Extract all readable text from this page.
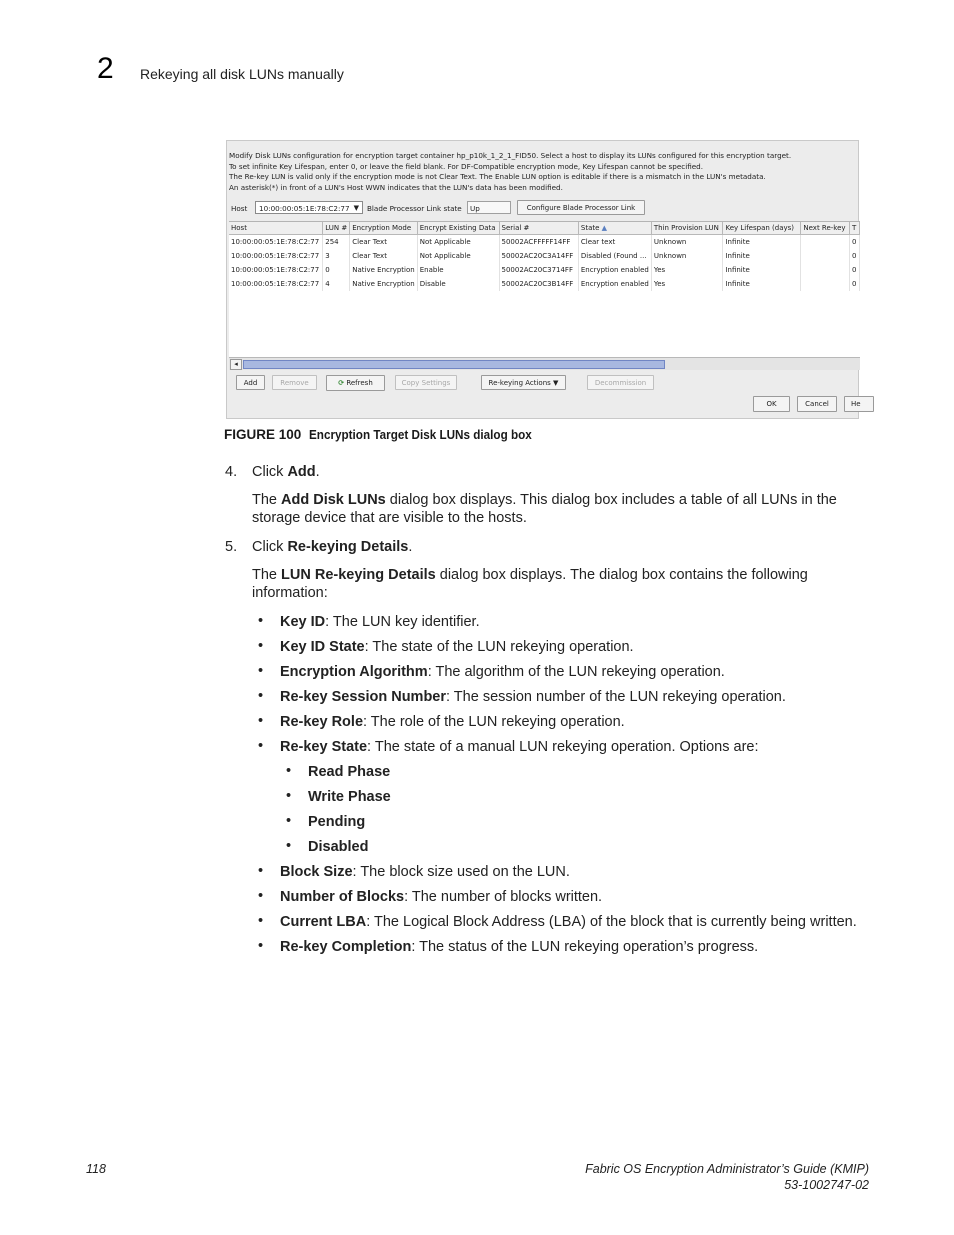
2 Rekeying all disk LUNs manually
Modify Disk LUNs configuration for encryption target container hp_p10k_1_2_1_FID50. Select a host to display its LUNs configured for this encryption target.
To set infinite Key Lifespan, enter 0, or leave the field blank. For DF-Compatible encryption mode, Key Lifespan cannot be specified.
The Re-key LUN is valid only if the encryption mode is not Clear Text. The Enable LUN option is editable if there is a mismatch in the LUN's metadata.
An asterisk(*) in front of a LUN's Host WWN indicates that the LUN's data has been modified.
Host	10:00:00:05:1E:78:C2:77 ▼ Blade Processor Link state	Up	Configure Blade Processor Link
Host	LUN #	Encryption Mode	Encrypt Existing Data	Serial #	State ▲	Thin Provision LUN	Key Lifespan (days)	Next Re-key	T
10:00:00:05:1E:78:C2:77	254	Clear Text	Not Applicable	50002ACFFFFF14FF	Clear text	Unknown	Infinite		0
10:00:00:05:1E:78:C2:77	3	Clear Text	Not Applicable	50002AC20C3A14FF	Disabled (Found ...	Unknown	Infinite		0
10:00:00:05:1E:78:C2:77	0	Native Encryption	Enable	50002AC20C3714FF	Encryption enabled	Yes	Infinite		0
10:00:00:05:1E:78:C2:77	4	Native Encryption	Disable	50002AC20C3B14FF	Encryption enabled	Yes	Infinite		0
◂
Add	Remove	⟳ Refresh	Copy Settings	Re-keying Actions ▼	Decommission
OK	Cancel	He
FIGURE 100 Encryption Target Disk LUNs dialog box
4. Click Add.
The Add Disk LUNs dialog box displays. This dialog box includes a table of all LUNs in the storage device that are visible to the hosts.
5. Click Re-keying Details.
The LUN Re-keying Details dialog box displays. The dialog box contains the following information:
• Key ID: The LUN key identifier.
• Key ID State: The state of the LUN rekeying operation.
• Encryption Algorithm: The algorithm of the LUN rekeying operation.
• Re-key Session Number: The session number of the LUN rekeying operation.
• Re-key Role: The role of the LUN rekeying operation.
• Re-key State: The state of a manual LUN rekeying operation. Options are:
• Read Phase
• Write Phase
• Pending
• Disabled
• Block Size: The block size used on the LUN.
• Number of Blocks: The number of blocks written.
• Current LBA: The Logical Block Address (LBA) of the block that is currently being written.
• Re-key Completion: The status of the LUN rekeying operation’s progress.
118	Fabric OS Encryption Administrator’s Guide (KMIP)
53-1002747-02
